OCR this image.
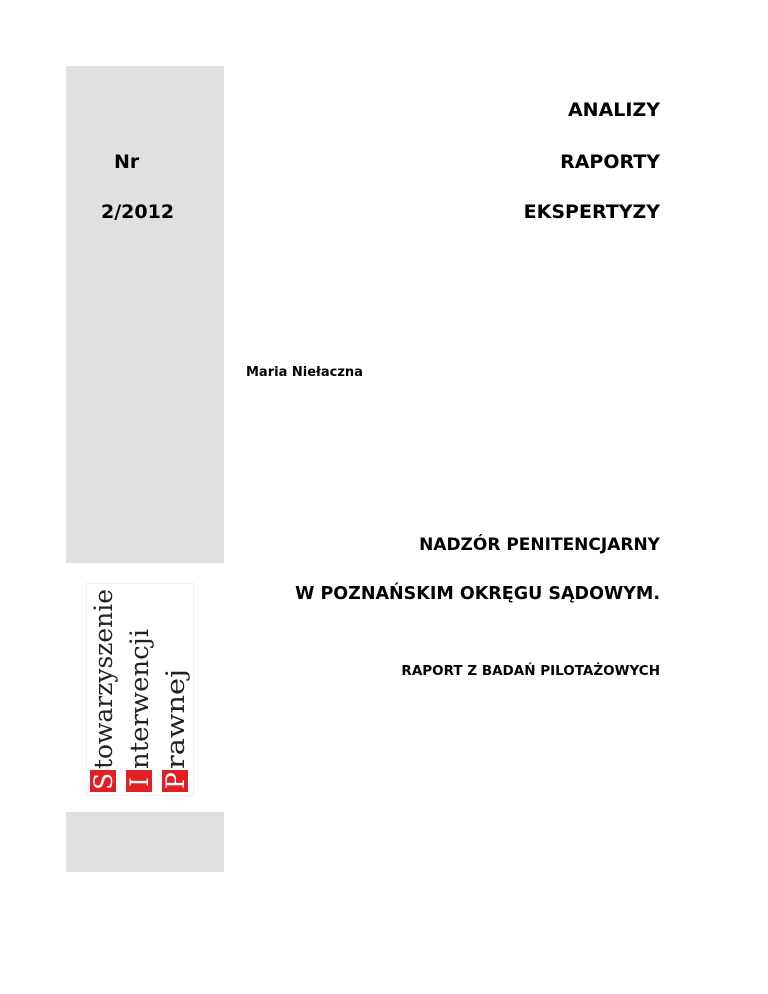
S
towarzyszenie
I
nterwencji
P
rawnej
Nr
2/2012
ANALIZY
RAPORTY
EKSPERTYZY
Maria Niełaczna
NADZÓR PENITENCJARNY
W POZNAŃSKIM OKRĘGU SĄDOWYM.
RAPORT Z BADAŃ PILOTAŻOWYCH
